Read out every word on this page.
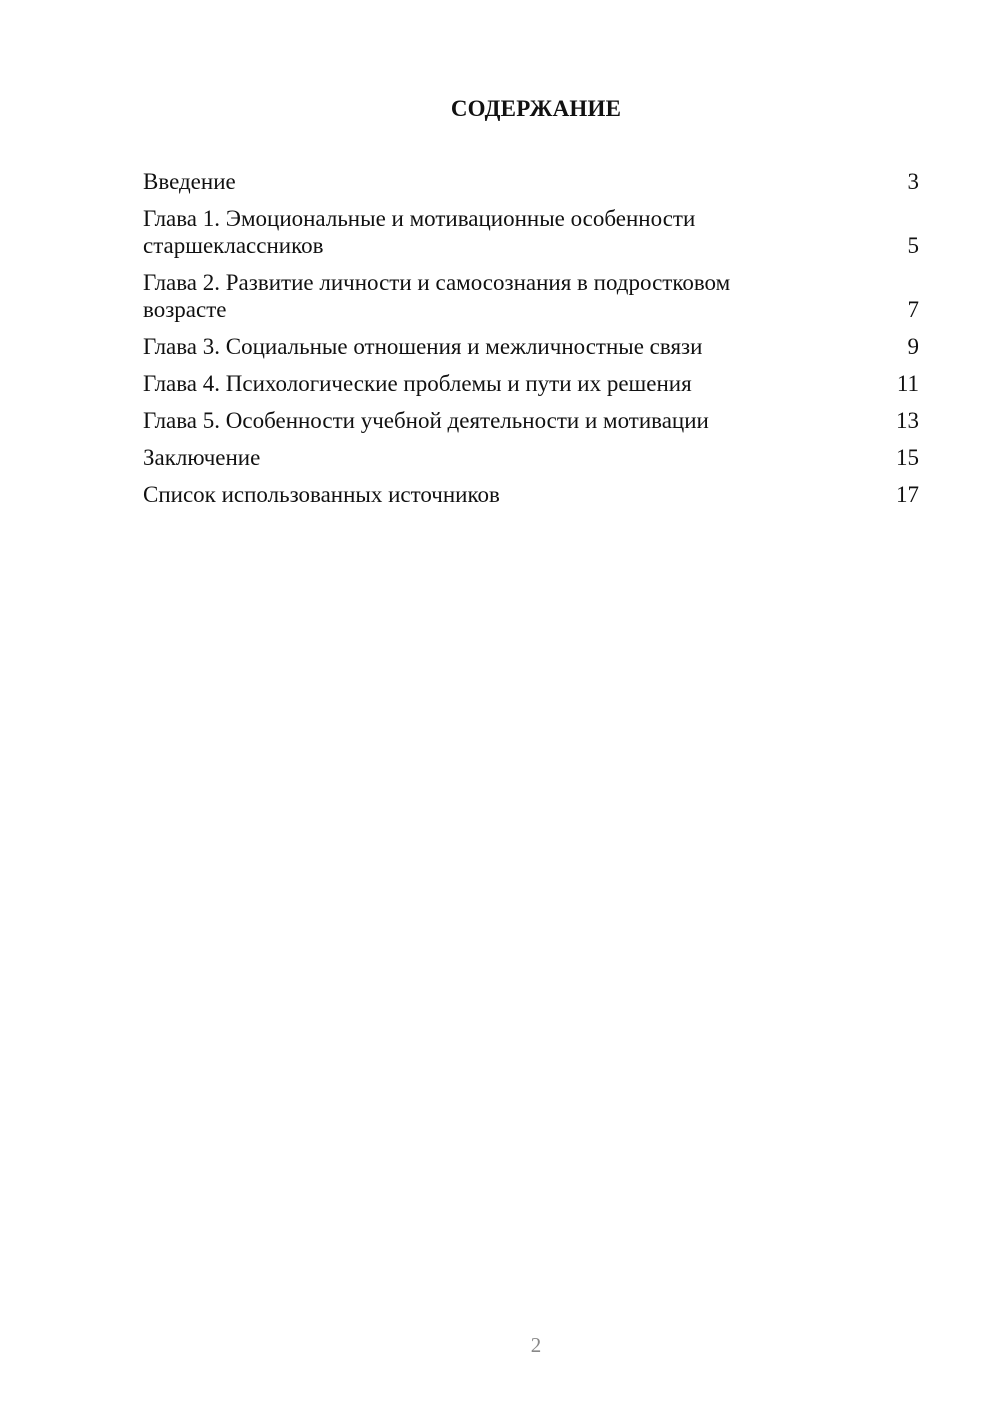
СОДЕРЖАНИЕ
Введение	3
Глава 1. Эмоциональные и мотивационные особенности старшеклассников	5
Глава 2. Развитие личности и самосознания в подростковом возрасте	7
Глава 3. Социальные отношения и межличностные связи	9
Глава 4. Психологические проблемы и пути их решения	11
Глава 5. Особенности учебной деятельности и мотивации	13
Заключение	15
Список использованных источников	17
2
